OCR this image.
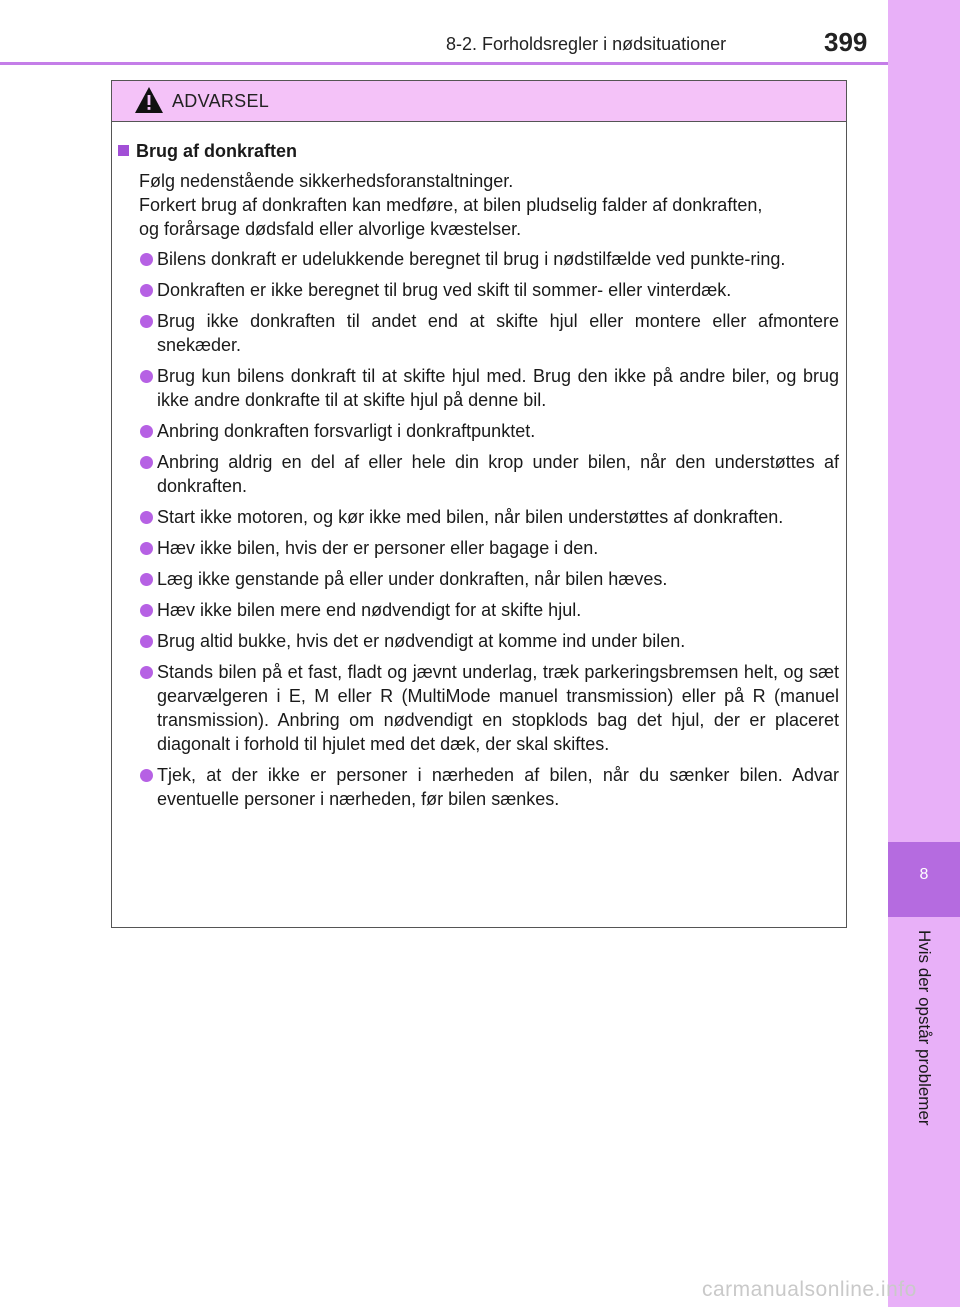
8
Hvis der opstår problemer
8-2. Forholdsregler i nødsituationer	399
ADVARSEL
Brug af donkraften
Følg nedenstående sikkerhedsforanstaltninger.
Forkert brug af donkraften kan medføre, at bilen pludselig falder af donkraften,
og forårsage dødsfald eller alvorlige kvæstelser.
Bilens donkraft er udelukkende beregnet til brug i nødstilfælde ved punkte-ring.
Donkraften er ikke beregnet til brug ved skift til sommer- eller vinterdæk.
Brug ikke donkraften til andet end at skifte hjul eller montere eller afmontere snekæder.
Brug kun bilens donkraft til at skifte hjul med. Brug den ikke på andre biler, og brug ikke andre donkrafte til at skifte hjul på denne bil.
Anbring donkraften forsvarligt i donkraftpunktet.
Anbring aldrig en del af eller hele din krop under bilen, når den understøttes af donkraften.
Start ikke motoren, og kør ikke med bilen, når bilen understøttes af donkraften.
Hæv ikke bilen, hvis der er personer eller bagage i den.
Læg ikke genstande på eller under donkraften, når bilen hæves.
Hæv ikke bilen mere end nødvendigt for at skifte hjul.
Brug altid bukke, hvis det er nødvendigt at komme ind under bilen.
Stands bilen på et fast, fladt og jævnt underlag, træk parkeringsbremsen helt, og sæt gearvælgeren i E, M eller R (MultiMode manuel transmission) eller på R (manuel transmission). Anbring om nødvendigt en stopklods bag det hjul, der er placeret diagonalt i forhold til hjulet med det dæk, der skal skiftes.
Tjek, at der ikke er personer i nærheden af bilen, når du sænker bilen. Advar eventuelle personer i nærheden, før bilen sænkes.
carmanualsonline.info
